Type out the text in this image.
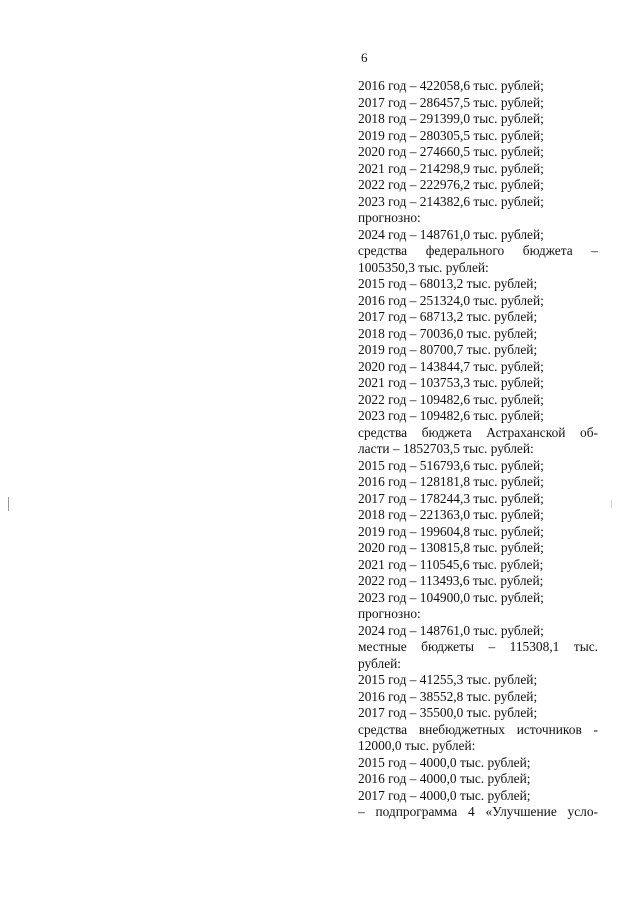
6
2016 год – 422058,6 тыс. рублей;
2017 год – 286457,5 тыс. рублей;
2018 год – 291399,0 тыс. рублей;
2019 год – 280305,5 тыс. рублей;
2020 год – 274660,5 тыс. рублей;
2021 год – 214298,9 тыс. рублей;
2022 год – 222976,2 тыс. рублей;
2023 год – 214382,6 тыс. рублей;
прогнозно:
2024 год – 148761,0 тыс. рублей;
средства федерального бюджета –
1005350,3 тыс. рублей:
2015 год – 68013,2 тыс. рублей;
2016 год – 251324,0 тыс. рублей;
2017 год – 68713,2 тыс. рублей;
2018 год – 70036,0 тыс. рублей;
2019 год – 80700,7 тыс. рублей;
2020 год – 143844,7 тыс. рублей;
2021 год – 103753,3 тыс. рублей;
2022 год – 109482,6 тыс. рублей;
2023 год – 109482,6 тыс. рублей;
средства бюджета Астраханской об-
ласти – 1852703,5 тыс. рублей:
2015 год – 516793,6 тыс. рублей;
2016 год – 128181,8 тыс. рублей;
2017 год – 178244,3 тыс. рублей;
2018 год – 221363,0 тыс. рублей;
2019 год – 199604,8 тыс. рублей;
2020 год – 130815,8 тыс. рублей;
2021 год – 110545,6 тыс. рублей;
2022 год – 113493,6 тыс. рублей;
2023 год – 104900,0 тыс. рублей;
прогнозно:
2024 год – 148761,0 тыс. рублей;
местные бюджеты – 115308,1 тыс.
рублей:
2015 год – 41255,3 тыс. рублей;
2016 год – 38552,8 тыс. рублей;
2017 год – 35500,0 тыс. рублей;
средства внебюджетных источников -
12000,0 тыс. рублей:
2015 год – 4000,0 тыс. рублей;
2016 год – 4000,0 тыс. рублей;
2017 год – 4000,0 тыс. рублей;
– подпрограмма 4 «Улучшение усло-
